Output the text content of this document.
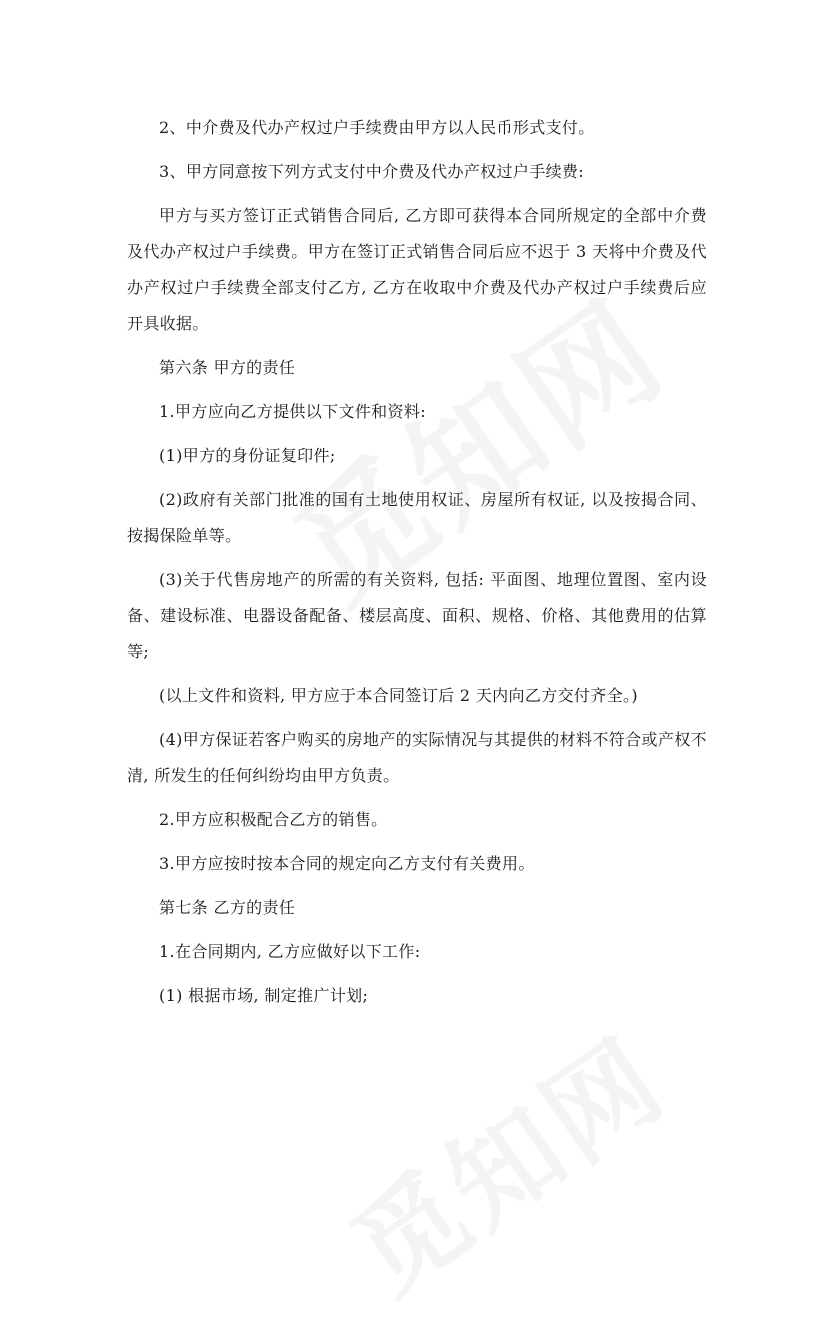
2、中介费及代办产权过户手续费由甲方以人民币形式支付。

3、甲方同意按下列方式支付中介费及代办产权过户手续费:

甲方与买方签订正式销售合同后, 乙方即可获得本合同所规定的全部中介费及代办产权过户手续费。甲方在签订正式销售合同后应不迟于 3 天将中介费及代办产权过户手续费全部支付乙方, 乙方在收取中介费及代办产权过户手续费后应开具收据。

第六条 甲方的责任

1.甲方应向乙方提供以下文件和资料:

(1)甲方的身份证复印件;

(2)政府有关部门批准的国有土地使用权证、房屋所有权证, 以及按揭合同、按揭保险单等。

(3)关于代售房地产的所需的有关资料, 包括: 平面图、地理位置图、室内设备、建设标准、电器设备配备、楼层高度、面积、规格、价格、其他费用的估算等;

(以上文件和资料, 甲方应于本合同签订后 2 天内向乙方交付齐全。)

(4)甲方保证若客户购买的房地产的实际情况与其提供的材料不符合或产权不清, 所发生的任何纠纷均由甲方负责。

2.甲方应积极配合乙方的销售。

3.甲方应按时按本合同的规定向乙方支付有关费用。

第七条 乙方的责任

1.在合同期内, 乙方应做好以下工作:

(1) 根据市场, 制定推广计划;
